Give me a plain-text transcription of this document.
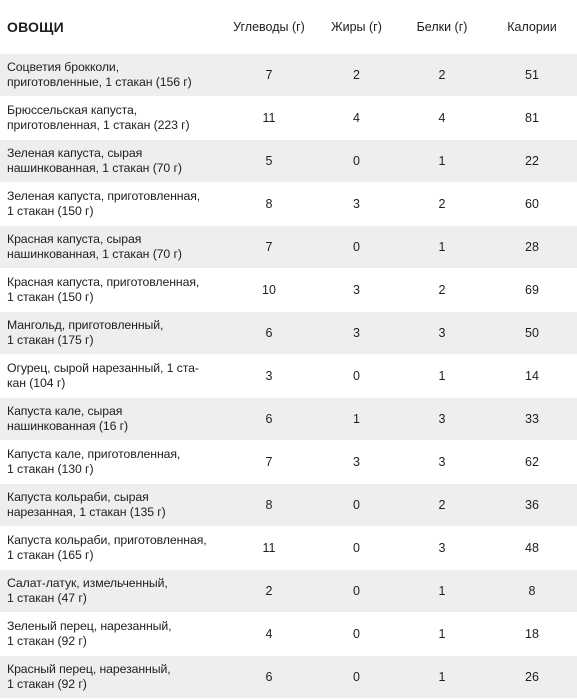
ОВОЩИ	Углеводы (г)	Жиры (г)	Белки (г)	Калории
Соцветия брокколи,
приготовленные, 1 стакан (156 г)	7	2	2	51
Брюссельская капуста,
приготовленная, 1 стакан (223 г)	11	4	4	81
Зеленая капуста, сырая
нашинкованная, 1 стакан (70 г)	5	0	1	22
Зеленая капуста, приготовленная,
1 стакан (150 г)	8	3	2	60
Красная капуста, сырая
нашинкованная, 1 стакан (70 г)	7	0	1	28
Красная капуста, приготовленная,
1 стакан (150 г)	10	3	2	69
Мангольд, приготовленный,
1 стакан (175 г)	6	3	3	50
Огурец, сырой нарезанный, 1 ста-
кан (104 г)	3	0	1	14
Капуста кале, сырая
нашинкованная (16 г)	6	1	3	33
Капуста кале, приготовленная,
1 стакан (130 г)	7	3	3	62
Капуста кольраби, сырая
нарезанная, 1 стакан (135 г)	8	0	2	36
Капуста кольраби, приготовленная,
1 стакан (165 г)	11	0	3	48
Салат-латук, измельченный,
1 стакан (47 г)	2	0	1	8
Зеленый перец, нарезанный,
1 стакан (92 г)	4	0	1	18
Красный перец, нарезанный,
1 стакан (92 г)	6	0	1	26
